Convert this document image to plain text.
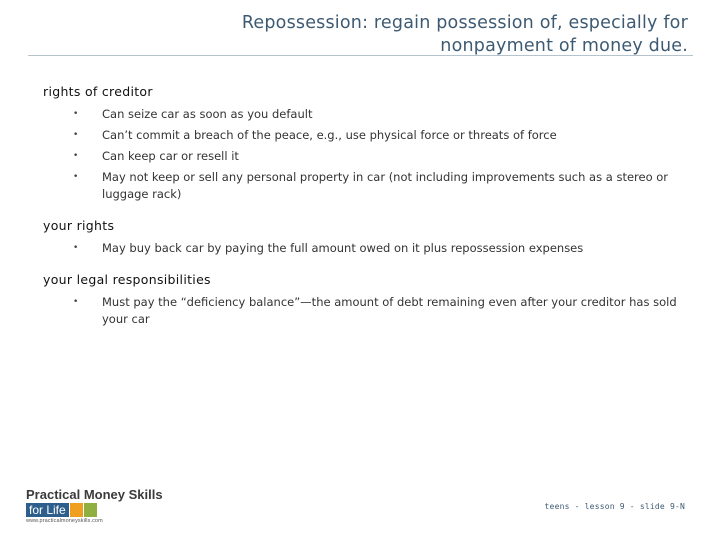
Repossession: regain possession of, especially for nonpayment of money due.
rights of creditor
• Can seize car as soon as you default
• Can’t commit a breach of the peace, e.g., use physical force or threats of force
• Can keep car or resell it
• May not keep or sell any personal property in car (not including improvements such as a stereo or luggage rack)
your rights
• May buy back car by paying the full amount owed on it plus repossession expenses
your legal responsibilities
• Must pay the “deficiency balance”—the amount of debt remaining even after your creditor has sold your car
Practical Money Skills
for Life
www.practicalmoneyskills.com
teens - lesson 9 - slide 9-N
